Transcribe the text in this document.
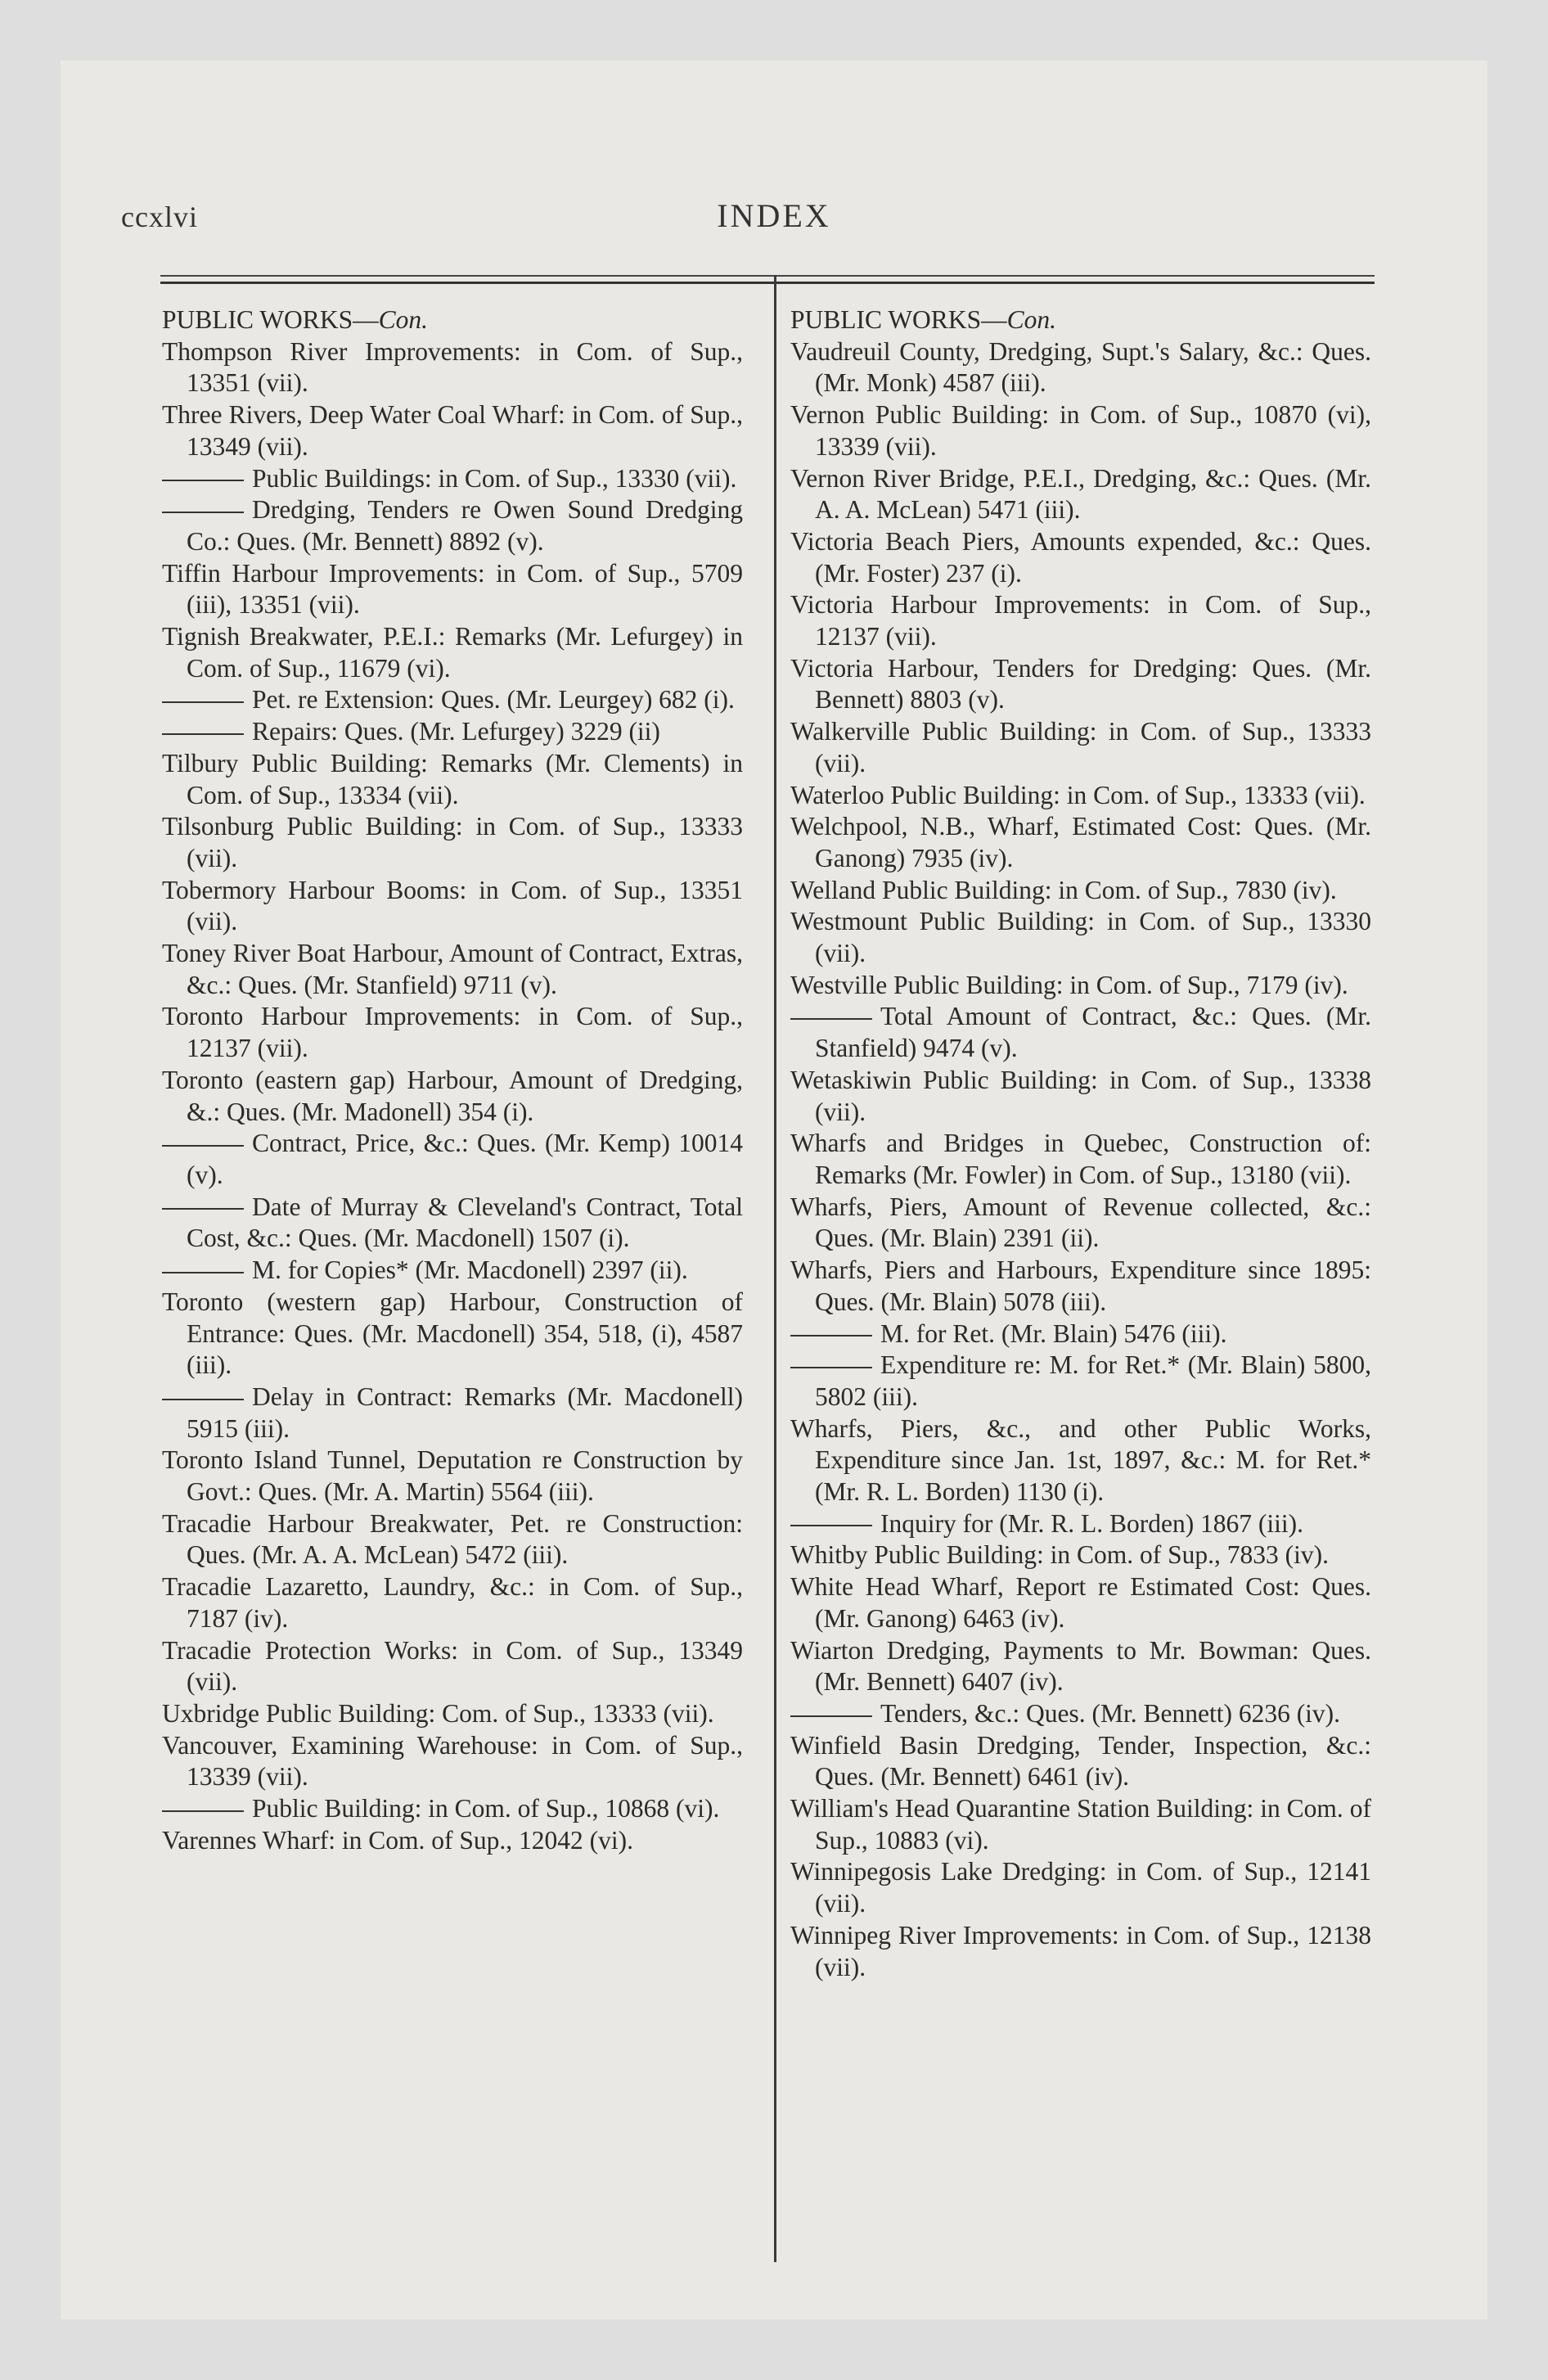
ccxlvi	INDEX

PUBLIC WORKS—Con.

Thompson River Improvements: in Com. of Sup., 13351 (vii).

Three Rivers, Deep Water Coal Wharf: in Com. of Sup., 13349 (vii).

Public Buildings: in Com. of Sup., 13330 (vii).

Dredging, Tenders re Owen Sound Dredging Co.: Ques. (Mr. Bennett) 8892 (v).

Tiffin Harbour Improvements: in Com. of Sup., 5709 (iii), 13351 (vii).

Tignish Breakwater, P.E.I.: Remarks (Mr. Lefurgey) in Com. of Sup., 11679 (vi).

Pet. re Extension: Ques. (Mr. Leurgey) 682 (i).

Repairs: Ques. (Mr. Lefurgey) 3229 (ii)

Tilbury Public Building: Remarks (Mr. Clements) in Com. of Sup., 13334 (vii).

Tilsonburg Public Building: in Com. of Sup., 13333 (vii).

Tobermory Harbour Booms: in Com. of Sup., 13351 (vii).

Toney River Boat Harbour, Amount of Contract, Extras, &c.: Ques. (Mr. Stanfield) 9711 (v).

Toronto Harbour Improvements: in Com. of Sup., 12137 (vii).

Toronto (eastern gap) Harbour, Amount of Dredging, &.: Ques. (Mr. Madonell) 354 (i).

Contract, Price, &c.: Ques. (Mr. Kemp) 10014 (v).

Date of Murray & Cleveland's Contract, Total Cost, &c.: Ques. (Mr. Macdonell) 1507 (i).

M. for Copies* (Mr. Macdonell) 2397 (ii).

Toronto (western gap) Harbour, Construction of Entrance: Ques. (Mr. Macdonell) 354, 518, (i), 4587 (iii).

Delay in Contract: Remarks (Mr. Macdonell) 5915 (iii).

Toronto Island Tunnel, Deputation re Construction by Govt.: Ques. (Mr. A. Martin) 5564 (iii).

Tracadie Harbour Breakwater, Pet. re Construction: Ques. (Mr. A. A. McLean) 5472 (iii).

Tracadie Lazaretto, Laundry, &c.: in Com. of Sup., 7187 (iv).

Tracadie Protection Works: in Com. of Sup., 13349 (vii).

Uxbridge Public Building: Com. of Sup., 13333 (vii).

Vancouver, Examining Warehouse: in Com. of Sup., 13339 (vii).

Public Building: in Com. of Sup., 10868 (vi).

Varennes Wharf: in Com. of Sup., 12042 (vi).

PUBLIC WORKS—Con.

Vaudreuil County, Dredging, Supt.'s Salary, &c.: Ques. (Mr. Monk) 4587 (iii).

Vernon Public Building: in Com. of Sup., 10870 (vi), 13339 (vii).

Vernon River Bridge, P.E.I., Dredging, &c.: Ques. (Mr. A. A. McLean) 5471 (iii).

Victoria Beach Piers, Amounts expended, &c.: Ques. (Mr. Foster) 237 (i).

Victoria Harbour Improvements: in Com. of Sup., 12137 (vii).

Victoria Harbour, Tenders for Dredging: Ques. (Mr. Bennett) 8803 (v).

Walkerville Public Building: in Com. of Sup., 13333 (vii).

Waterloo Public Building: in Com. of Sup., 13333 (vii).

Welchpool, N.B., Wharf, Estimated Cost: Ques. (Mr. Ganong) 7935 (iv).

Welland Public Building: in Com. of Sup., 7830 (iv).

Westmount Public Building: in Com. of Sup., 13330 (vii).

Westville Public Building: in Com. of Sup., 7179 (iv).

Total Amount of Contract, &c.: Ques. (Mr. Stanfield) 9474 (v).

Wetaskiwin Public Building: in Com. of Sup., 13338 (vii).

Wharfs and Bridges in Quebec, Construction of: Remarks (Mr. Fowler) in Com. of Sup., 13180 (vii).

Wharfs, Piers, Amount of Revenue collected, &c.: Ques. (Mr. Blain) 2391 (ii).

Wharfs, Piers and Harbours, Expenditure since 1895: Ques. (Mr. Blain) 5078 (iii).

M. for Ret. (Mr. Blain) 5476 (iii).

Expenditure re: M. for Ret.* (Mr. Blain) 5800, 5802 (iii).

Wharfs, Piers, &c., and other Public Works, Expenditure since Jan. 1st, 1897, &c.: M. for Ret.* (Mr. R. L. Borden) 1130 (i).

Inquiry for (Mr. R. L. Borden) 1867 (iii).

Whitby Public Building: in Com. of Sup., 7833 (iv).

White Head Wharf, Report re Estimated Cost: Ques. (Mr. Ganong) 6463 (iv).

Wiarton Dredging, Payments to Mr. Bowman: Ques. (Mr. Bennett) 6407 (iv).

Tenders, &c.: Ques. (Mr. Bennett) 6236 (iv).

Winfield Basin Dredging, Tender, Inspection, &c.: Ques. (Mr. Bennett) 6461 (iv).

William's Head Quarantine Station Building: in Com. of Sup., 10883 (vi).

Winnipegosis Lake Dredging: in Com. of Sup., 12141 (vii).

Winnipeg River Improvements: in Com. of Sup., 12138 (vii).
